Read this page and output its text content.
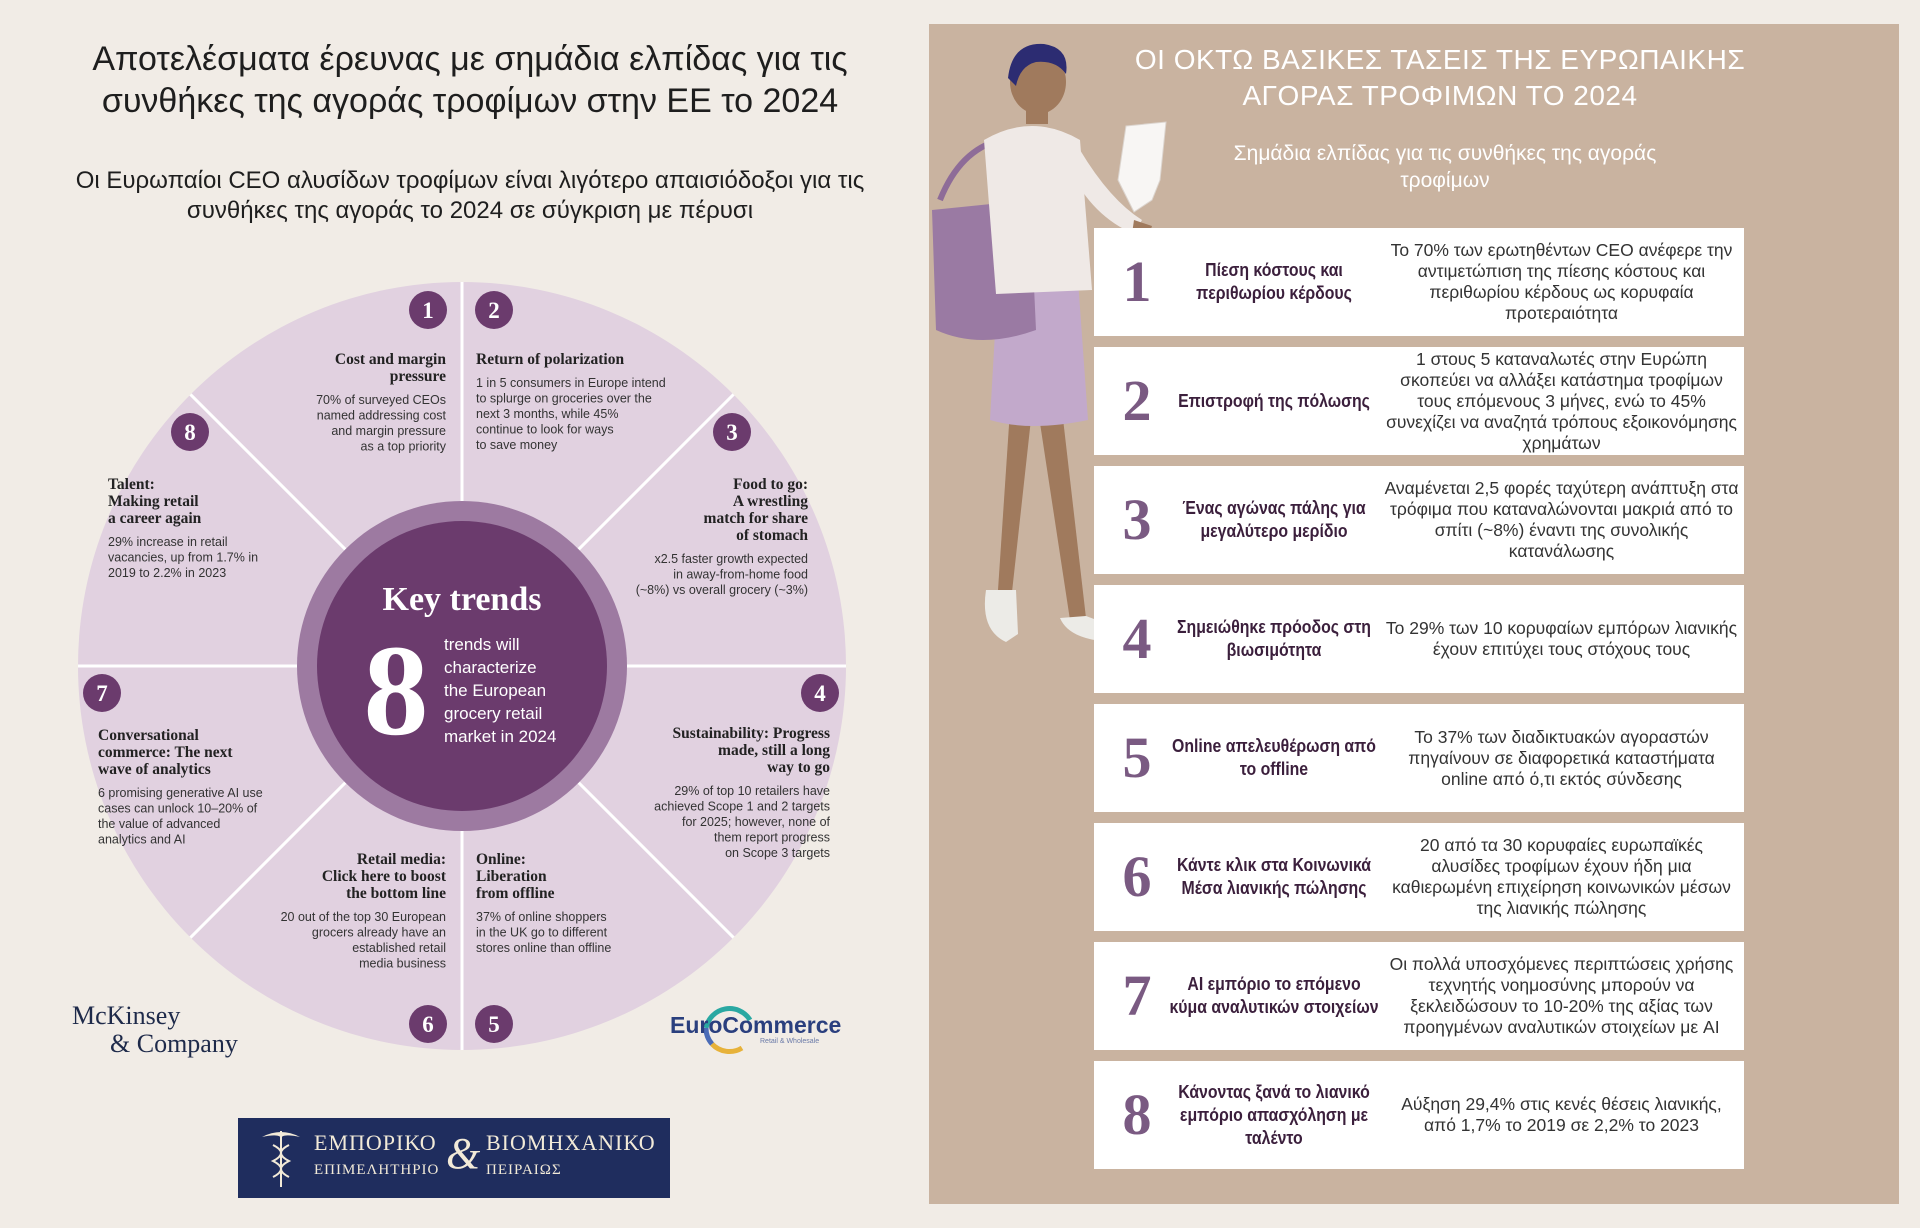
Αποτελέσματα έρευνας με σημάδια ελπίδας για τις συνθήκες της αγοράς τροφίμων στην ΕΕ το 2024
Οι Ευρωπαίοι CEO αλυσίδων τροφίμων είναι λιγότερο απαισιόδοξοι για τις συνθήκες της αγοράς το 2024 σε σύγκριση με πέρυσι
Key trends
8 trends will
characterize
the European
grocery retail
market in 2024
1
Cost and margin
pressure
70% of surveyed CEOs
named addressing cost
and margin pressure
as a top priority
2
Return of polarization
1 in 5 consumers in Europe intend
to splurge on groceries over the
next 3 months, while 45%
continue to look for ways
to save money	3
Food to go:
A wrestling
match for share
of stomach
x2.5 faster growth expected
in away-from-home food
(~8%) vs overall grocery (~3%)
4
Sustainability: Progress
made, still a long
way to go
29% of top 10 retailers have
achieved Scope 1 and 2 targets
for 2025; however, none of
them report progress
on Scope 3 targets
5
Online:
Liberation
from offline
37% of online shoppers
in the UK go to different
stores online than offline
6
Retail media:
Click here to boost
the bottom line
20 out of the top 30 European
grocers already have an
established retail
media business
7
Conversational
commerce: The next
wave of analytics
6 promising generative AI use
cases can unlock 10–20% of
the value of advanced
analytics and AI
8
Talent:
Making retail
a career again
29% increase in retail
vacancies, up from 1.7% in
2019 to 2.2% in 2023
McKinsey
& Company
EuroCommerce
Retail & Wholesale
ΕΜΠΟΡΙΚΟ
ΕΠΙΜΕΛΗΤΗΡΙΟ & ΒΙΟΜΗΧΑΝΙΚΟ
ΠΕΙΡΑΙΩΣ
ΟΙ ΟΚΤΩ ΒΑΣΙΚΕΣ ΤΑΣΕΙΣ ΤΗΣ ΕΥΡΩΠΑΙΚΗΣ ΑΓΟΡΑΣ ΤΡΟΦΙΜΩΝ ΤΟ 2024
Σημάδια ελπίδας για τις συνθήκες της αγοράς τροφίμων
1	Πίεση κόστους και περιθωρίου κέρδους
Το 70% των ερωτηθέντων CEO ανέφερε την αντιμετώπιση της πίεσης κόστους και περιθωρίου κέρδους ως κορυφαία προτεραιότητα
2	Επιστροφή της πόλωσης
1 στους 5 καταναλωτές στην Ευρώπη σκοπεύει να αλλάξει κατάστημα τροφίμων τους επόμενους 3 μήνες, ενώ το 45% συνεχίζει να αναζητά τρόπους εξοικονόμησης χρημάτων
3	Ένας αγώνας πάλης για μεγαλύτερο μερίδιο
Αναμένεται 2,5 φορές ταχύτερη ανάπτυξη στα τρόφιμα που καταναλώνονται μακριά από το σπίτι (~8%) έναντι της συνολικής κατανάλωσης
4	Σημειώθηκε πρόοδος στη βιωσιμότητα
Το 29% των 10 κορυφαίων εμπόρων λιανικής έχουν επιτύχει τους στόχους τους
5	Online απελευθέρωση από το offline
Το 37% των διαδικτυακών αγοραστών πηγαίνουν σε διαφορετικά καταστήματα online από ό,τι εκτός σύνδεσης
6	Κάντε κλικ στα Κοινωνικά Μέσα λιανικής πώλησης
20 από τα 30 κορυφαίες ευρωπαϊκές αλυσίδες τροφίμων έχουν ήδη μια καθιερωμένη επιχείρηση κοινωνικών μέσων της λιανικής πώλησης
7	AI εμπόριο το επόμενο κύμα αναλυτικών στοιχείων
Οι πολλά υποσχόμενες περιπτώσεις χρήσης τεχνητής νοημοσύνης μπορούν να ξεκλειδώσουν το 10-20% της αξίας των προηγμένων αναλυτικών στοιχείων με AI
8	Κάνοντας ξανά το λιανικό εμπόριο απασχόληση με ταλέντο
Αύξηση 29,4% στις κενές θέσεις λιανικής, από 1,7% το 2019 σε 2,2% το 2023
